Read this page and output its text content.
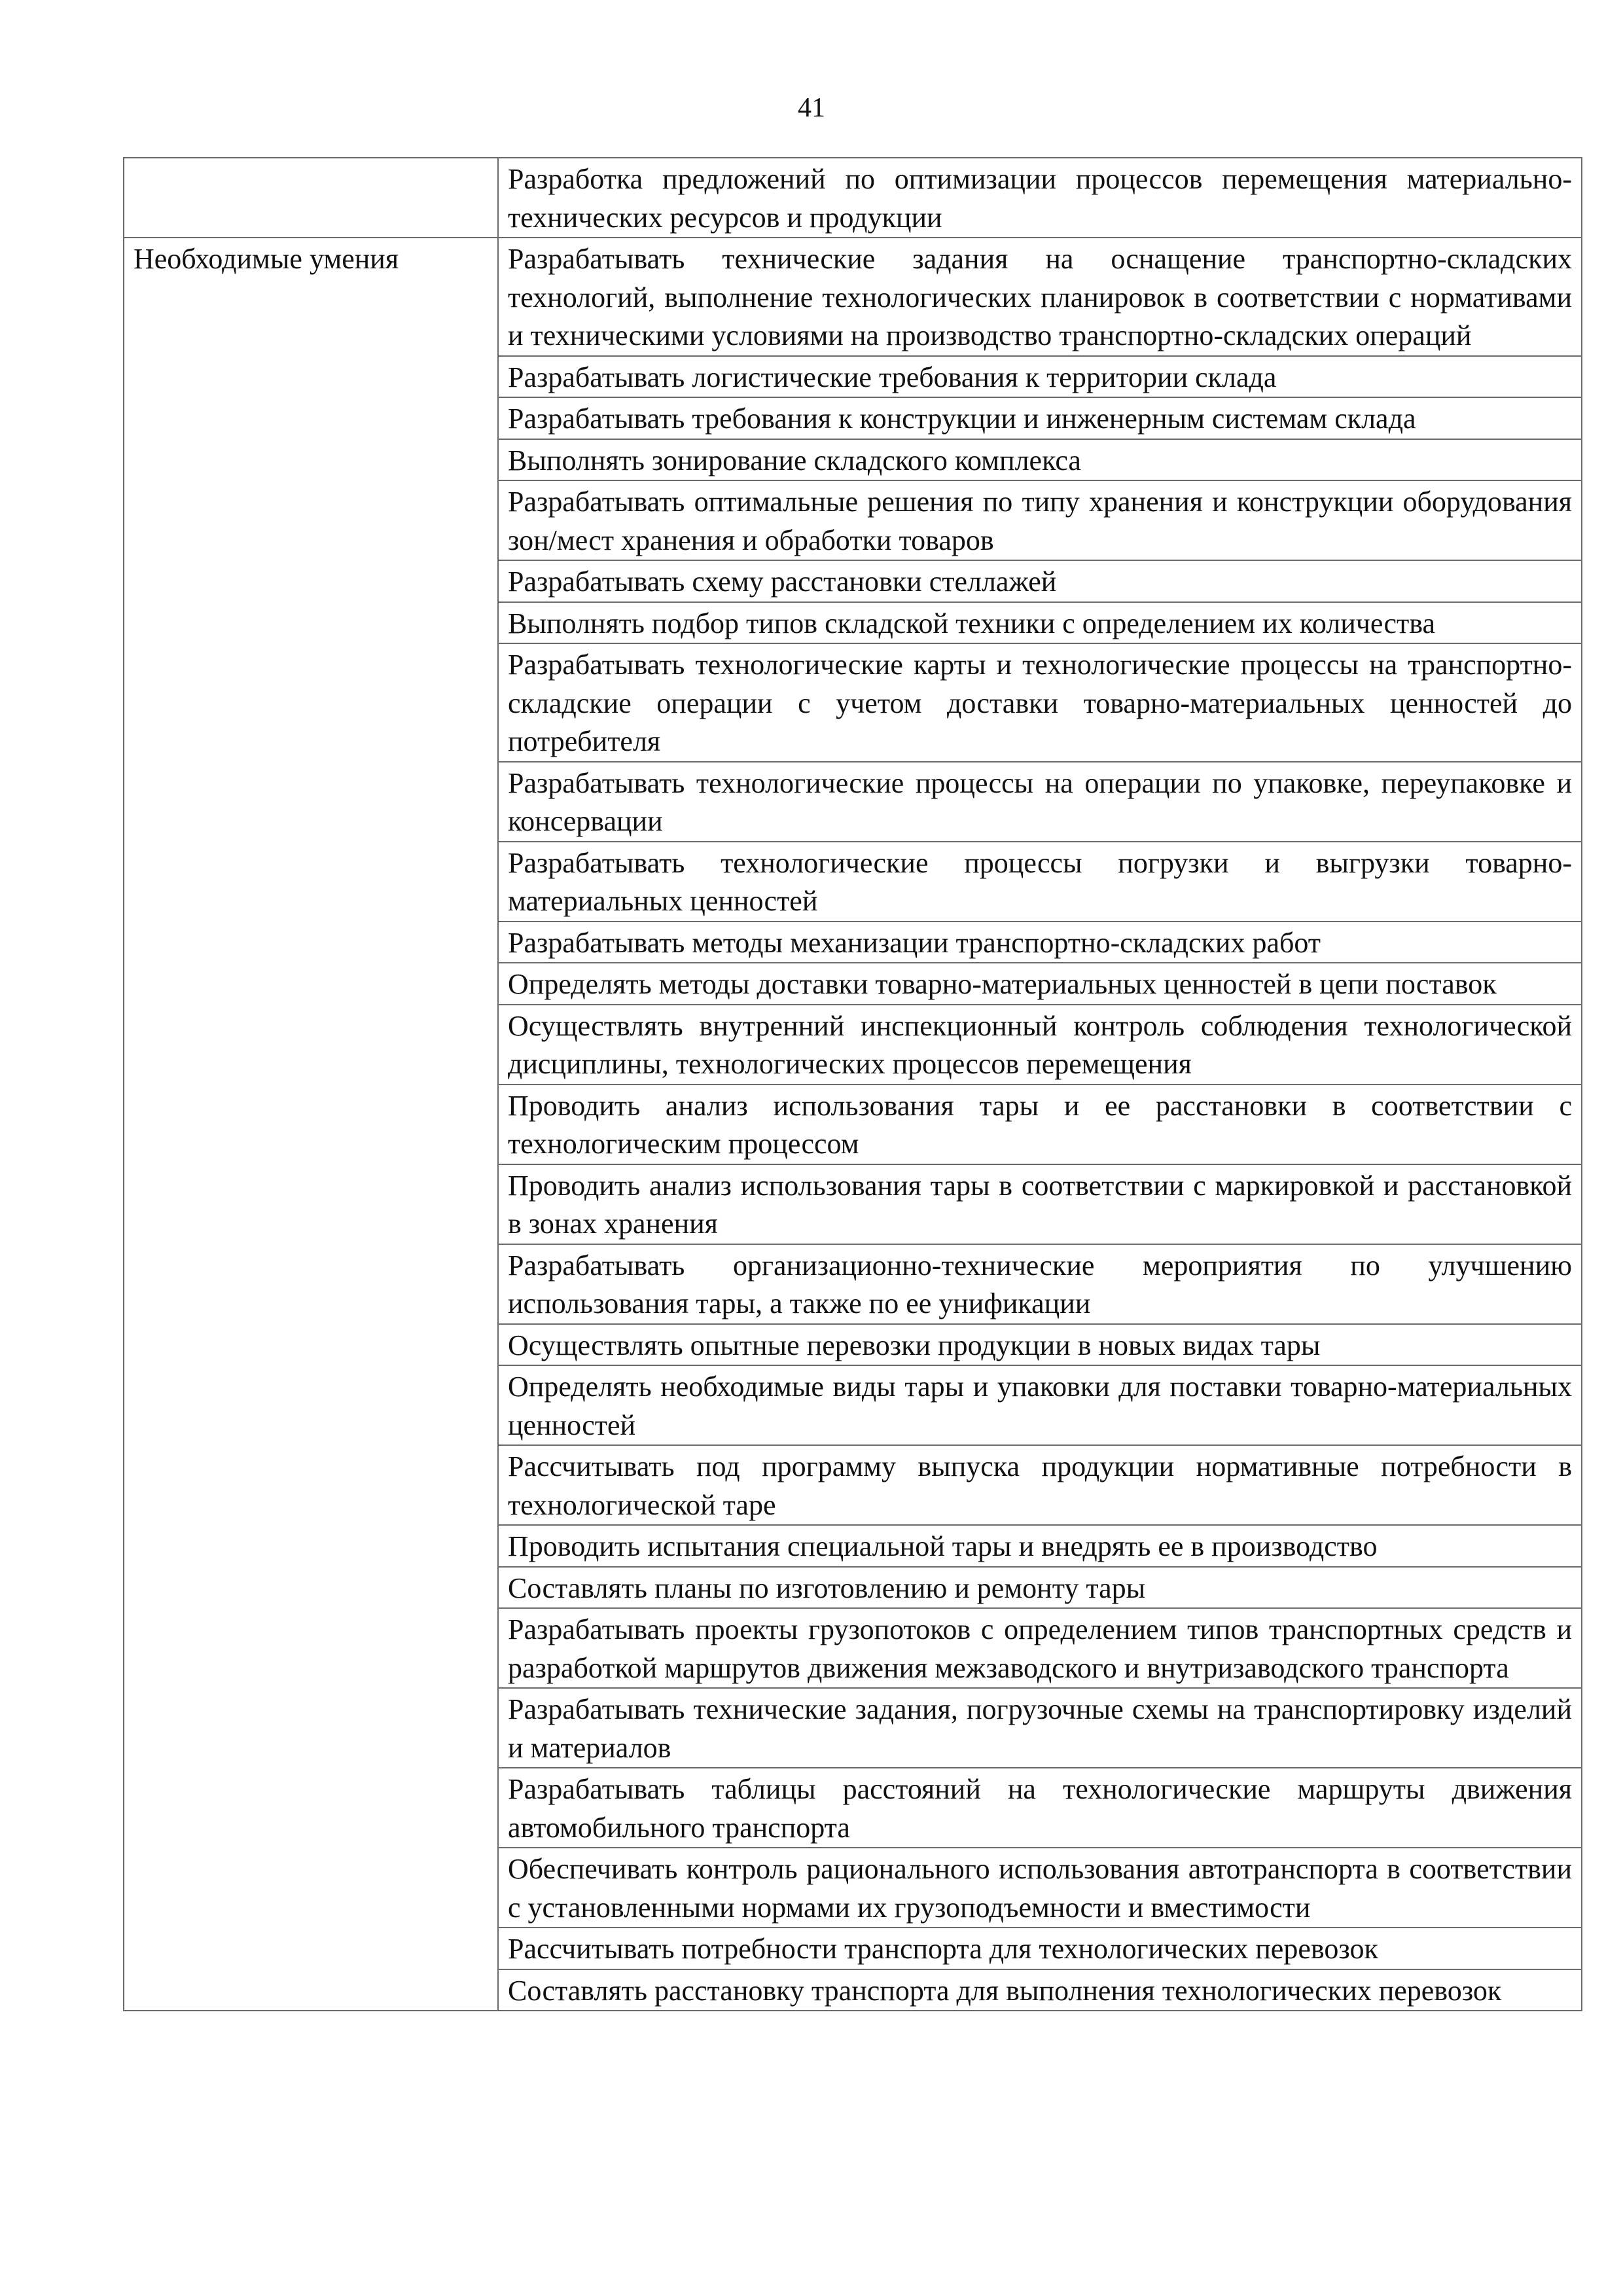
41
	Разработка предложений по оптимизации процессов перемещения материально-технических ресурсов и продукции
Необходимые умения	Разрабатывать технические задания на оснащение транспортно-складских технологий, выполнение технологических планировок в соответствии с нормативами и техническими условиями на производство транспортно-складских операций
	Разрабатывать логистические требования к территории склада
	Разрабатывать требования к конструкции и инженерным системам склада
	Выполнять зонирование складского комплекса
	Разрабатывать оптимальные решения по типу хранения и конструкции оборудования зон/мест хранения и обработки товаров
	Разрабатывать схему расстановки стеллажей
	Выполнять подбор типов складской техники с определением их количества
	Разрабатывать технологические карты и технологические процессы на транспортно-складские операции с учетом доставки товарно-материальных ценностей до потребителя
	Разрабатывать технологические процессы на операции по упаковке, переупаковке и консервации
	Разрабатывать технологические процессы погрузки и выгрузки товарно-материальных ценностей
	Разрабатывать методы механизации транспортно-складских работ
	Определять методы доставки товарно-материальных ценностей в цепи поставок
	Осуществлять внутренний инспекционный контроль соблюдения технологической дисциплины, технологических процессов перемещения
	Проводить анализ использования тары и ее расстановки в соответствии с технологическим процессом
	Проводить анализ использования тары в соответствии с маркировкой и расстановкой в зонах хранения
	Разрабатывать организационно-технические мероприятия по улучшению использования тары, а также по ее унификации
	Осуществлять опытные перевозки продукции в новых видах тары
	Определять необходимые виды тары и упаковки для поставки товарно-материальных ценностей
	Рассчитывать под программу выпуска продукции нормативные потребности в технологической таре
	Проводить испытания специальной тары и внедрять ее в производство
	Составлять планы по изготовлению и ремонту тары
	Разрабатывать проекты грузопотоков с определением типов транспортных средств и разработкой маршрутов движения межзаводского и внутризаводского транспорта
	Разрабатывать технические задания, погрузочные схемы на транспортировку изделий и материалов
	Разрабатывать таблицы расстояний на технологические маршруты движения автомобильного транспорта
	Обеспечивать контроль рационального использования автотранспорта в соответствии с установленными нормами их грузоподъемности и вместимости
	Рассчитывать потребности транспорта для технологических перевозок
	Составлять расстановку транспорта для выполнения технологических перевозок
